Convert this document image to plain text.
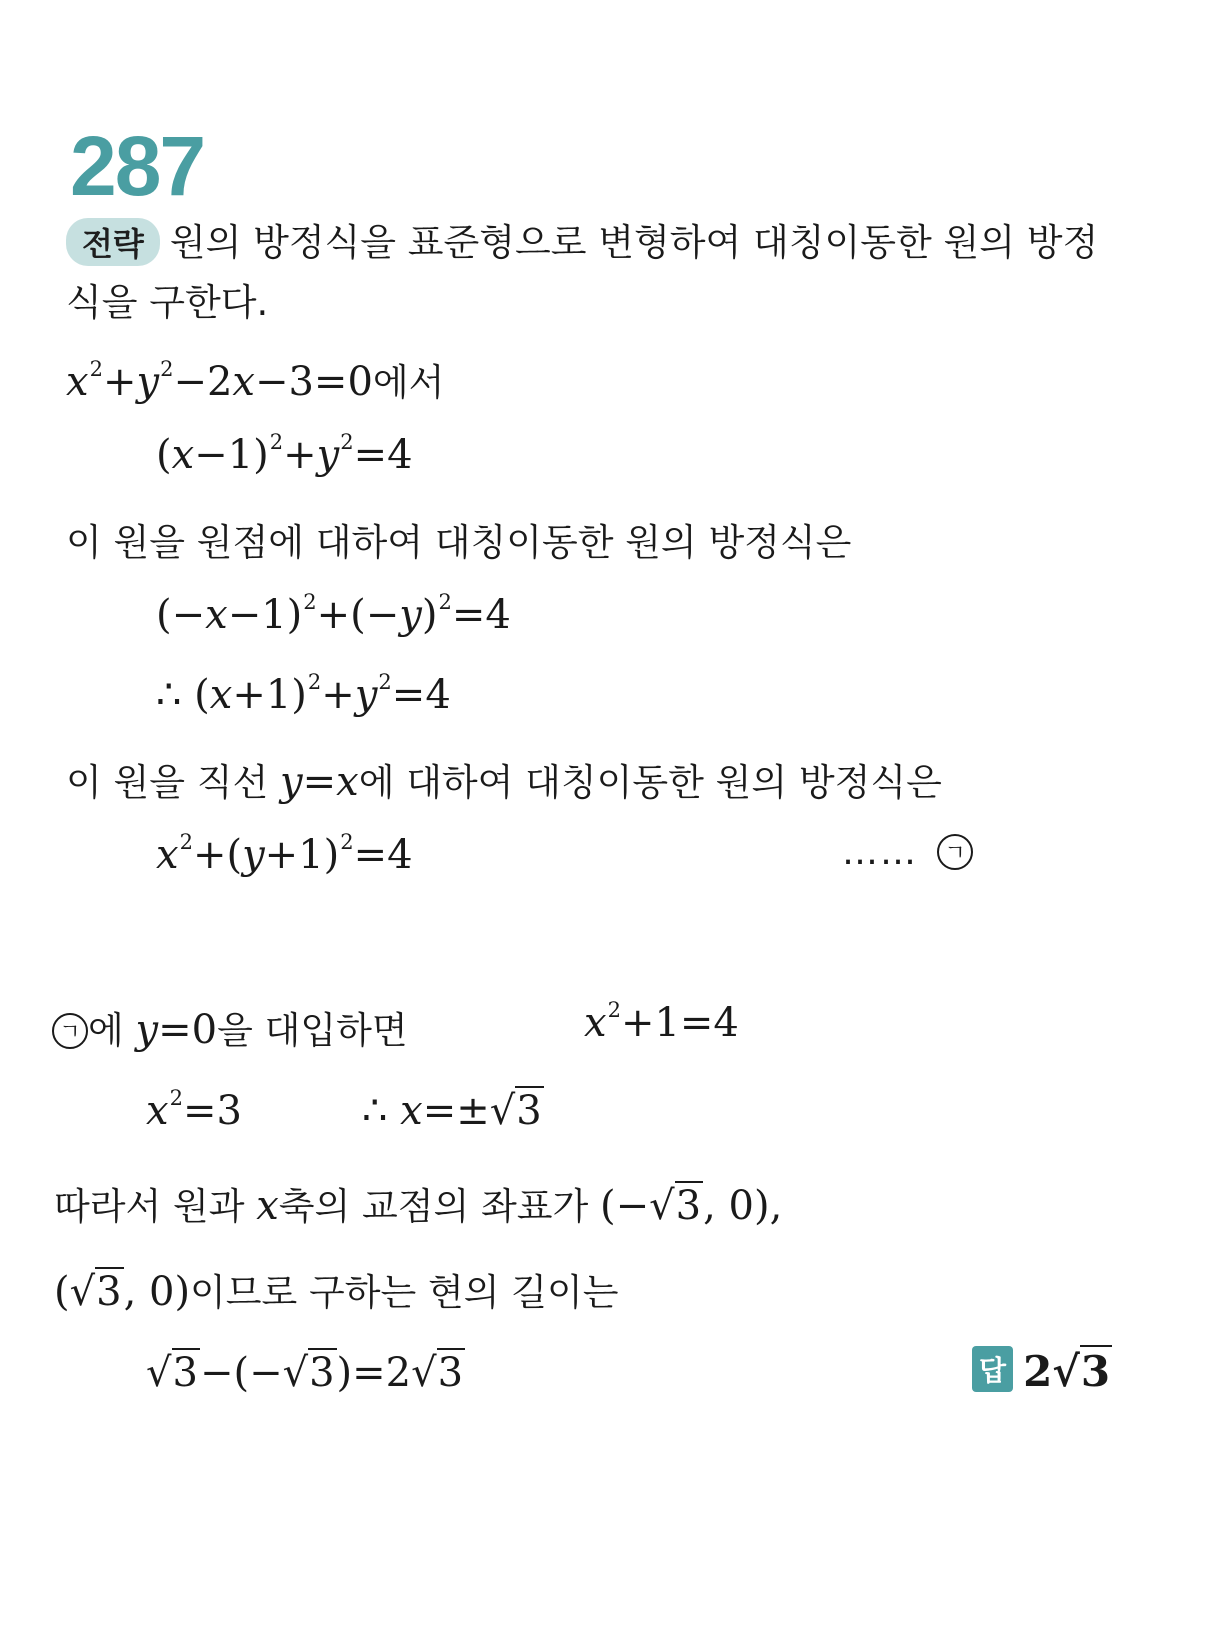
287
전략 원의 방정식을 표준형으로 변형하여 대칭이동한 원의 방정
식을 구한다.
$x^2+y^2-2x-3=0$에서
$(x-1)^2+y^2=4$
이 원을 원점에 대하여 대칭이동한 원의 방정식은
$(-x-1)^2+(-y)^2=4$
∴ $(x+1)^2+y^2=4$
이 원을 직선 y=x에 대하여 대칭이동한 원의 방정식은
$x^2+(y+1)^2=4$	…… ㄱ
ㄱ 에 y=0을 대입하면	$x^2+1=4$
$x^2=3$	∴ x=±√3
따라서 원과 x축의 교점의 좌표가 (−√3, 0),
(√3, 0)이므로 구하는 현의 길이는
√3−(−√3)=2√3	답 2√3
